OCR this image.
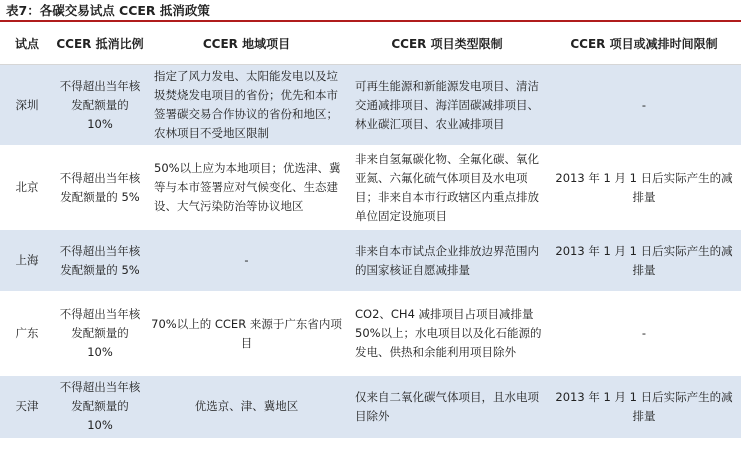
表7：各碳交易试点 CCER 抵消政策
试点	CCER 抵消比例	CCER 地域项目	CCER 项目类型限制	CCER 项目或减排时间限制
深圳	不得超出当年核发配额量的 10%	指定了风力发电、太阳能发电以及垃圾焚烧发电项目的省份；优先和本市签署碳交易合作协议的省份和地区；农林项目不受地区限制	可再生能源和新能源发电项目、清洁交通减排项目、海洋固碳减排项目、林业碳汇项目、农业减排项目	-
北京	不得超出当年核发配额量的 5%	50%以上应为本地项目；优选津、冀等与本市签署应对气候变化、生态建设、大气污染防治等协议地区	非来自氢氟碳化物、全氟化碳、氧化亚氮、六氟化硫气体项目及水电项目；非来自本市行政辖区内重点排放单位固定设施项目	2013 年 1 月 1 日后实际产生的减排量
上海	不得超出当年核发配额量的 5%	-	非来自本市试点企业排放边界范围内的国家核证自愿减排量	2013 年 1 月 1 日后实际产生的减排量
广东	不得超出当年核发配额量的 10%	70%以上的 CCER 来源于广东省内项目	CO2、CH4 减排项目占项目减排量 50%以上；水电项目以及化石能源的发电、供热和余能利用项目除外	-
天津	不得超出当年核发配额量的 10%	优选京、津、冀地区	仅来自二氧化碳气体项目，且水电项目除外	2013 年 1 月 1 日后实际产生的减排量
